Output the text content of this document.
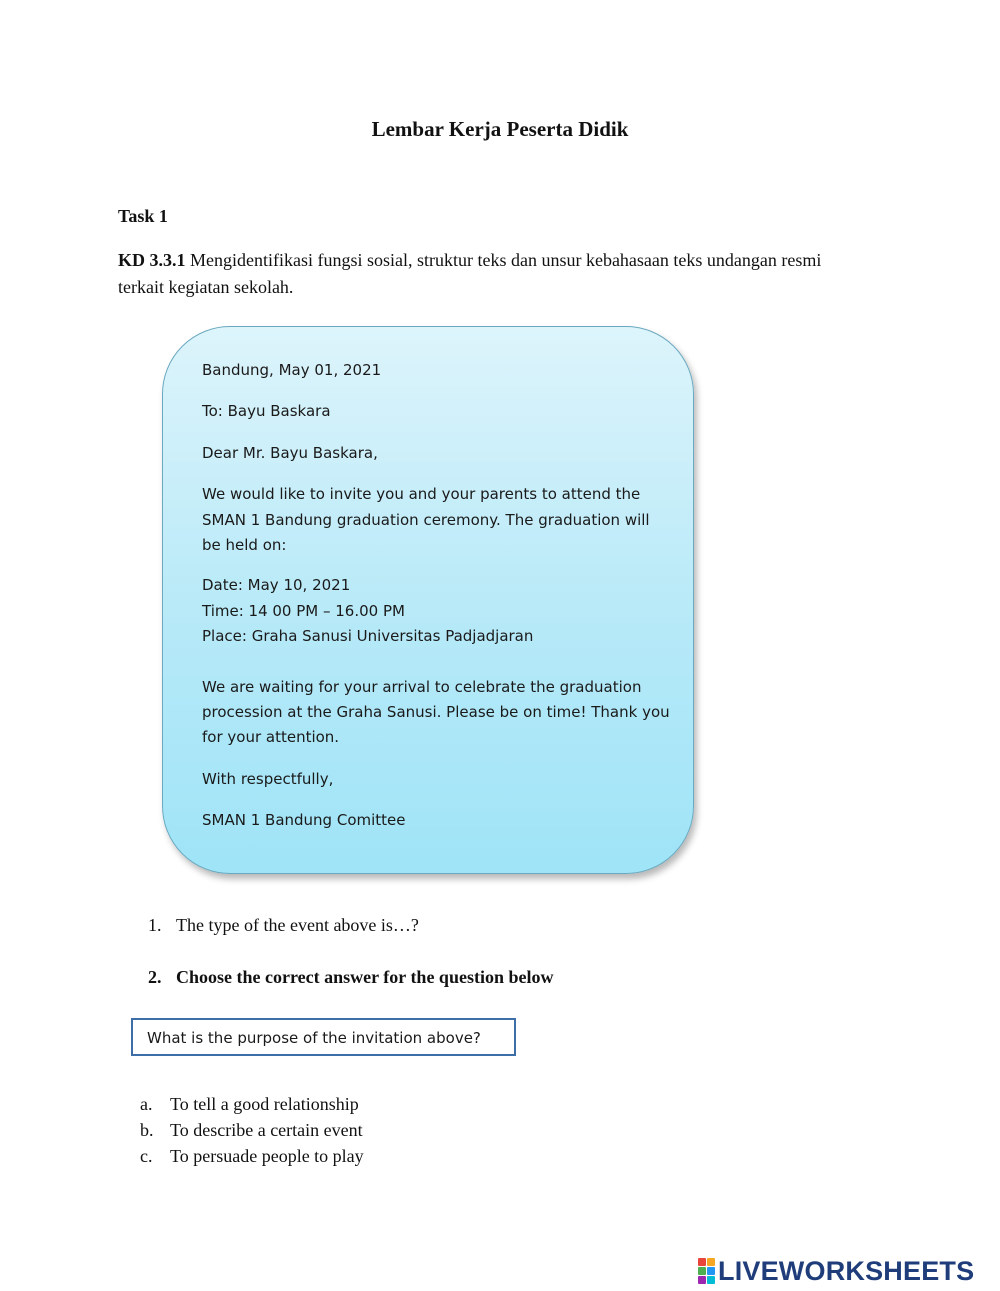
Lembar Kerja Peserta Didik
Task 1
KD 3.3.1 Mengidentifikasi fungsi sosial, struktur teks dan unsur kebahasaan teks undangan resmi terkait kegiatan sekolah.
Bandung, May 01, 2021
To: Bayu Baskara
Dear Mr. Bayu Baskara,
We would like to invite you and your parents to attend the
SMAN 1 Bandung graduation ceremony. The graduation will
be held on:
Date: May 10, 2021
Time: 14 00 PM – 16.00 PM
Place: Graha Sanusi Universitas Padjadjaran
We are waiting for your arrival to celebrate the graduation
procession at the Graha Sanusi. Please be on time! Thank you
for your attention.
With respectfully,
SMAN 1 Bandung Comittee
1. The type of the event above is…?
2. Choose the correct answer for the question below
What is the purpose of the invitation above?
a. To tell a good relationship
b. To describe a certain event
c. To persuade people to play
LIVEWORKSHEETS
